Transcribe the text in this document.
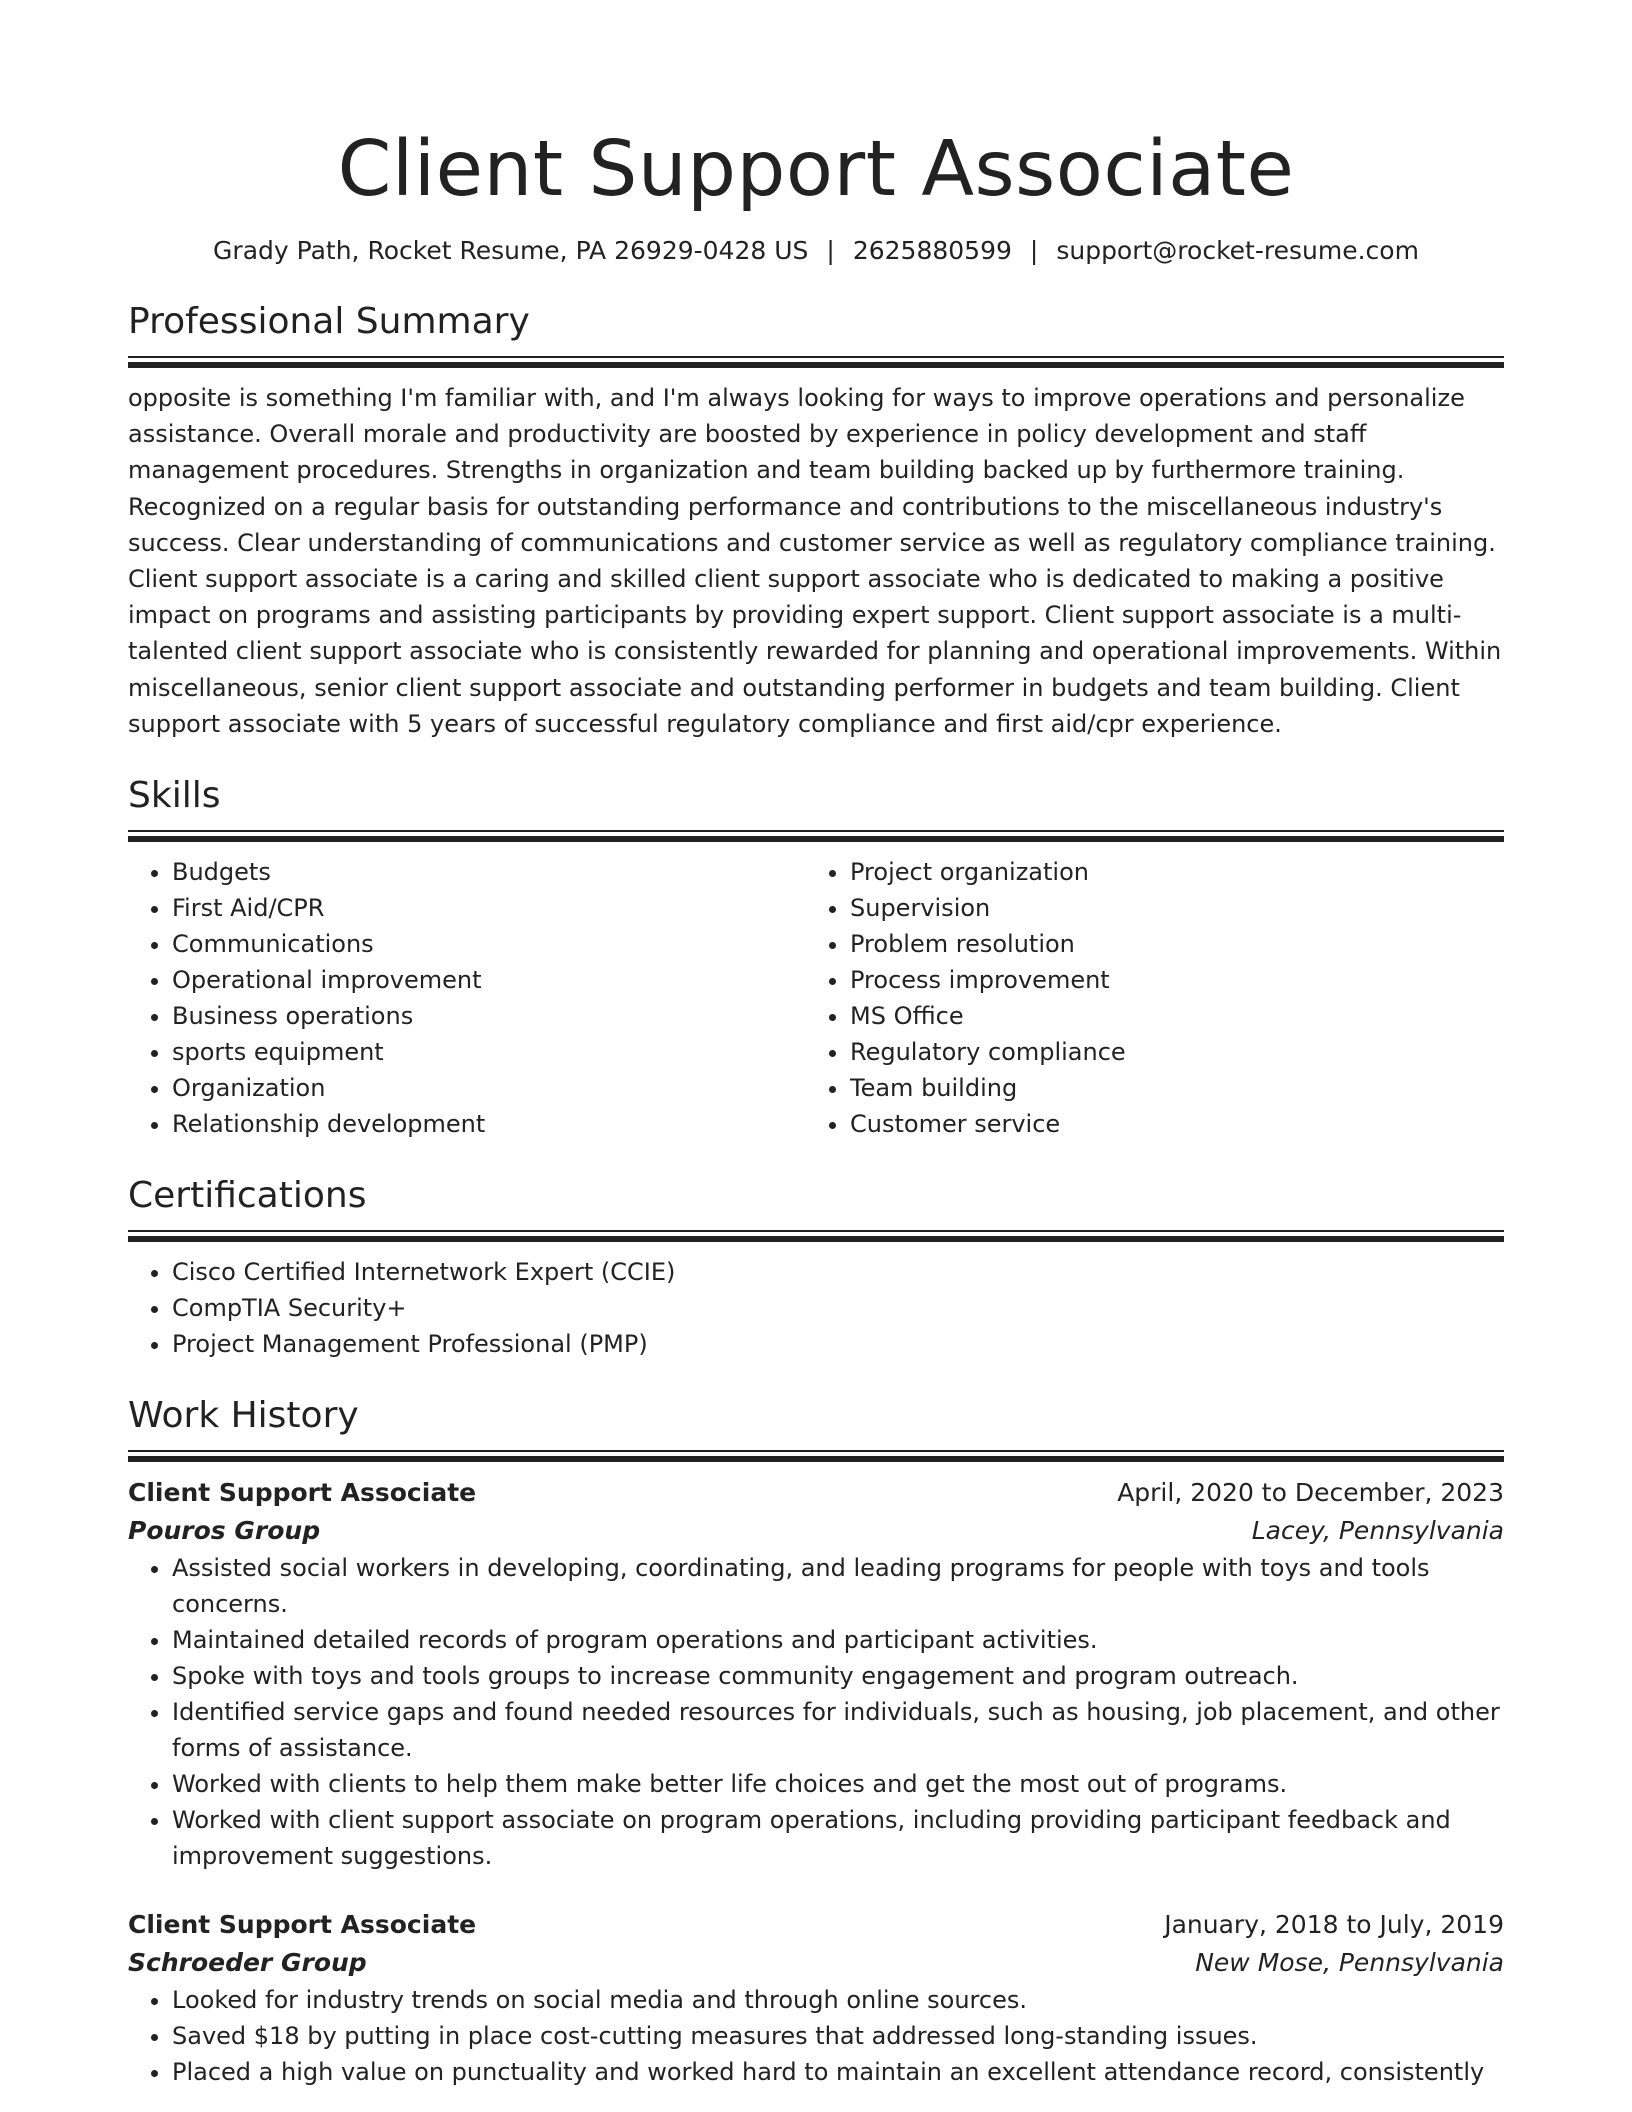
Client Support Associate
Grady Path, Rocket Resume, PA 26929-0428 US | 2625880599 | support@rocket-resume.com
Professional Summary

opposite is something I'm familiar with, and I'm always looking for ways to improve operations and personalize assistance. Overall morale and productivity are boosted by experience in policy development and staff management procedures. Strengths in organization and team building backed up by furthermore training. Recognized on a regular basis for outstanding performance and contributions to the miscellaneous industry's success. Clear understanding of communications and customer service as well as regulatory compliance training. Client support associate is a caring and skilled client support associate who is dedicated to making a positive impact on programs and assisting participants by providing expert support. Client support associate is a multi-talented client support associate who is consistently rewarded for planning and operational improvements. Within miscellaneous, senior client support associate and outstanding performer in budgets and team building. Client support associate with 5 years of successful regulatory compliance and first aid/cpr experience.

Skills
• Budgets
• First Aid/CPR
• Communications
• Operational improvement
• Business operations
• sports equipment
• Organization
• Relationship development
• Project organization
• Supervision
• Problem resolution
• Process improvement
• MS Office
• Regulatory compliance
• Team building
• Customer service
Certifications
• Cisco Certified Internetwork Expert (CCIE)
• CompTIA Security+
• Project Management Professional (PMP)
Work History
Client Support Associate	April, 2020 to December, 2023
Pouros Group	Lacey, Pennsylvania
• Assisted social workers in developing, coordinating, and leading programs for people with toys and tools concerns.
• Maintained detailed records of program operations and participant activities.
• Spoke with toys and tools groups to increase community engagement and program outreach.
• Identified service gaps and found needed resources for individuals, such as housing, job placement, and other forms of assistance.
• Worked with clients to help them make better life choices and get the most out of programs.
• Worked with client support associate on program operations, including providing participant feedback and improvement suggestions.
Client Support Associate	January, 2018 to July, 2019
Schroeder Group	New Mose, Pennsylvania
• Looked for industry trends on social media and through online sources.
• Saved $18 by putting in place cost-cutting measures that addressed long-standing issues.
• Placed a high value on punctuality and worked hard to maintain an excellent attendance record, consistently
